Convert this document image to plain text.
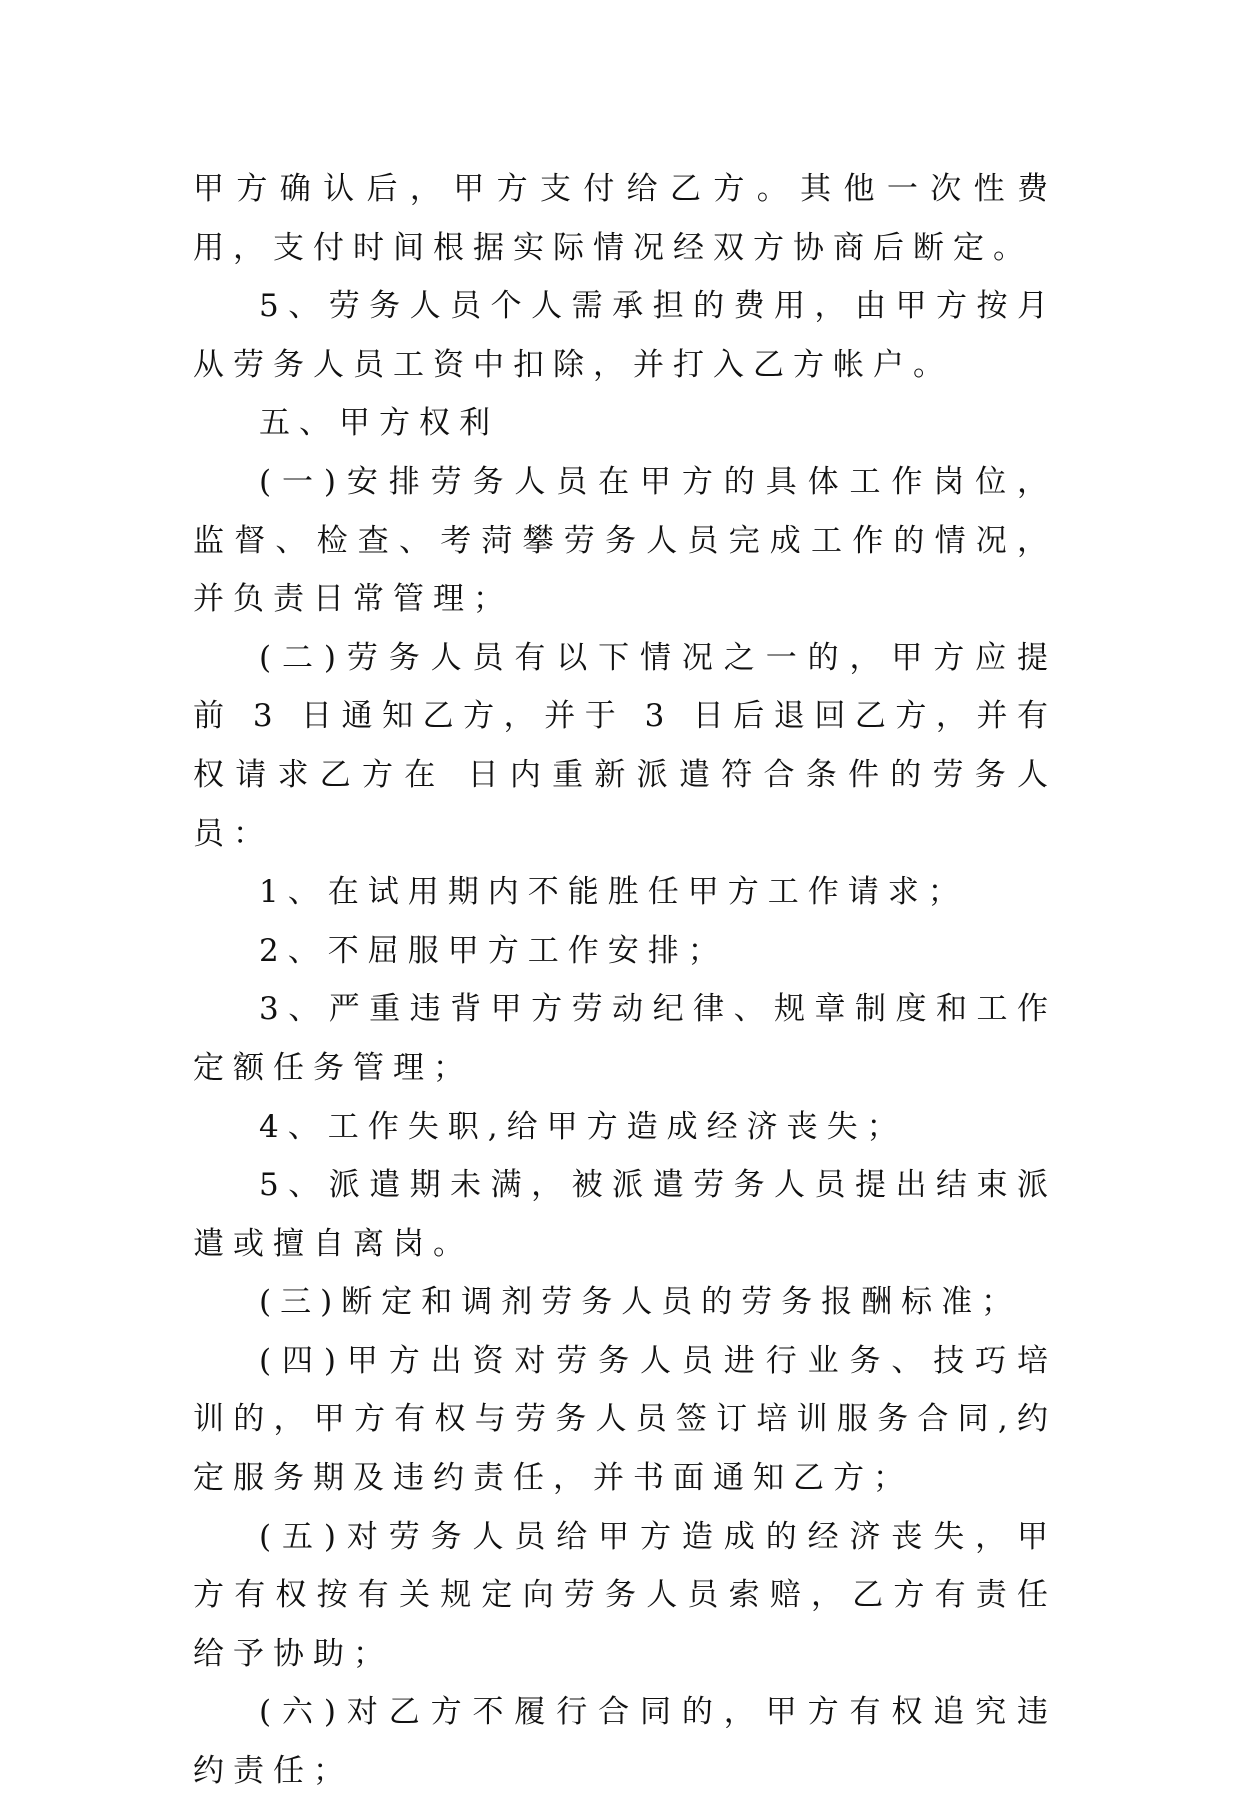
甲方确认后，甲方支付给乙方。其他一次性费用，支付时间根据实际情况经双方协商后断定。

5、劳务人员个人需承担的费用，由甲方按月从劳务人员工资中扣除，并打入乙方帐户。

五、甲方权利

(一)安排劳务人员在甲方的具体工作岗位，监督、检查、考菏攀劳务人员完成工作的情况，并负责日常管理；

(二)劳务人员有以下情况之一的，甲方应提前 3 日通知乙方，并于 3 日后退回乙方，并有权请求乙方在 日内重新派遣符合条件的劳务人员：

1、在试用期内不能胜任甲方工作请求；

2、不屈服甲方工作安排；

3、严重违背甲方劳动纪律、规章制度和工作定额任务管理；

4、工作失职,给甲方造成经济丧失；

5、派遣期未满，被派遣劳务人员提出结束派遣或擅自离岗。

(三)断定和调剂劳务人员的劳务报酬标准；

(四)甲方出资对劳务人员进行业务、技巧培训的，甲方有权与劳务人员签订培训服务合同,约定服务期及违约责任，并书面通知乙方；

(五)对劳务人员给甲方造成的经济丧失，甲方有权按有关规定向劳务人员索赔，乙方有责任给予协助；

(六)对乙方不履行合同的，甲方有权追究违约责任；
